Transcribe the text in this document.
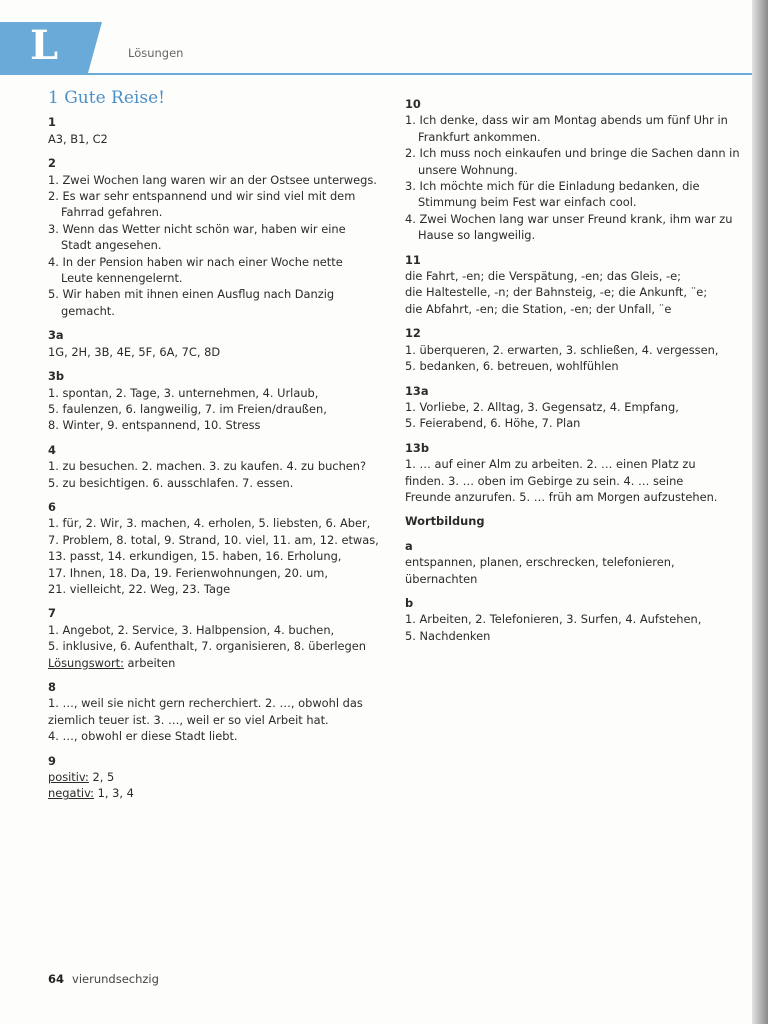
L	Lösungen
1 Gute Reise!
1
A3, B1, C2
2
1. Zwei Wochen lang waren wir an der Ostsee unterwegs.
2. Es war sehr entspannend und wir sind viel mit dem Fahrrad gefahren.
3. Wenn das Wetter nicht schön war, haben wir eine Stadt angesehen.
4. In der Pension haben wir nach einer Woche nette Leute kennengelernt.
5. Wir haben mit ihnen einen Ausflug nach Danzig gemacht.
3a
1G, 2H, 3B, 4E, 5F, 6A, 7C, 8D
3b
1. spontan, 2. Tage, 3. unternehmen, 4. Urlaub,
5. faulenzen, 6. langweilig, 7. im Freien/draußen,
8. Winter, 9. entspannend, 10. Stress
4
1. zu besuchen. 2. machen. 3. zu kaufen. 4. zu buchen?
5. zu besichtigen. 6. ausschlafen. 7. essen.
6
1. für, 2. Wir, 3. machen, 4. erholen, 5. liebsten, 6. Aber,
7. Problem, 8. total, 9. Strand, 10. viel, 11. am, 12. etwas,
13. passt, 14. erkundigen, 15. haben, 16. Erholung,
17. Ihnen, 18. Da, 19. Ferienwohnungen, 20. um,
21. vielleicht, 22. Weg, 23. Tage
7
1. Angebot, 2. Service, 3. Halbpension, 4. buchen,
5. inklusive, 6. Aufenthalt, 7. organisieren, 8. überlegen
Lösungswort: arbeiten
8
1. …, weil sie nicht gern recherchiert. 2. …, obwohl das
ziemlich teuer ist. 3. …, weil er so viel Arbeit hat.
4. …, obwohl er diese Stadt liebt.
9
positiv: 2, 5
negativ: 1, 3, 4
10
1. Ich denke, dass wir am Montag abends um fünf Uhr in Frankfurt ankommen.
2. Ich muss noch einkaufen und bringe die Sachen dann in unsere Wohnung.
3. Ich möchte mich für die Einladung bedanken, die Stimmung beim Fest war einfach cool.
4. Zwei Wochen lang war unser Freund krank, ihm war zu Hause so langweilig.
11
die Fahrt, -en; die Verspätung, -en; das Gleis, -e;
die Haltestelle, -n; der Bahnsteig, -e; die Ankunft, ¨e;
die Abfahrt, -en; die Station, -en; der Unfall, ¨e
12
1. überqueren, 2. erwarten, 3. schließen, 4. vergessen,
5. bedanken, 6. betreuen, wohlfühlen
13a
1. Vorliebe, 2. Alltag, 3. Gegensatz, 4. Empfang,
5. Feierabend, 6. Höhe, 7. Plan
13b
1. … auf einer Alm zu arbeiten. 2. … einen Platz zu
finden. 3. … oben im Gebirge zu sein. 4. … seine
Freunde anzurufen. 5. … früh am Morgen aufzustehen.
Wortbildung
a
entspannen, planen, erschrecken, telefonieren,
übernachten
b
1. Arbeiten, 2. Telefonieren, 3. Surfen, 4. Aufstehen,
5. Nachdenken
64 vierundsechzig
